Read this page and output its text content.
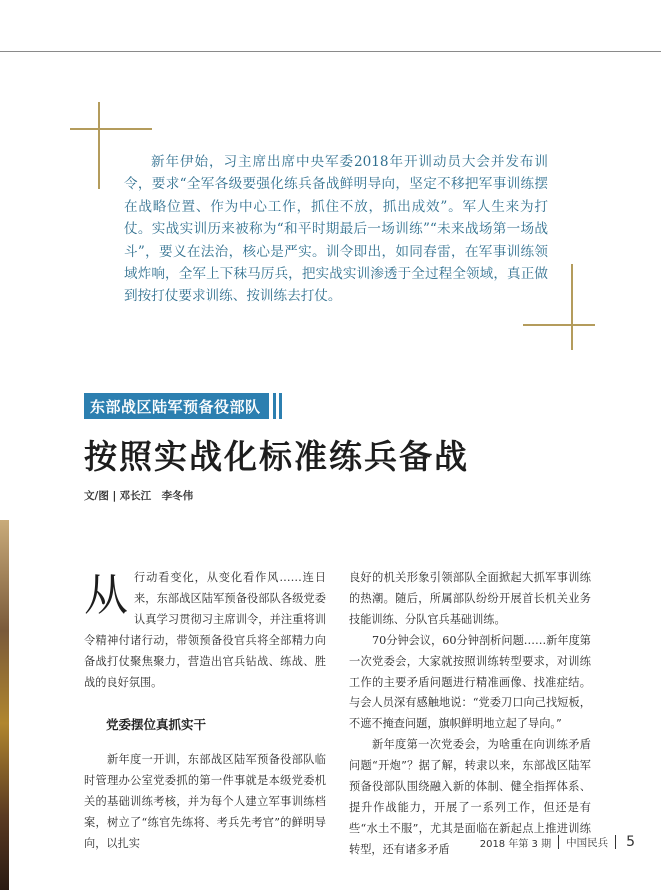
新年伊始，习主席出席中央军委2018年开训动员大会并发布训令，要求“全军各级要强化练兵备战鲜明导向，坚定不移把军事训练摆在战略位置、作为中心工作，抓住不放，抓出成效”。军人生来为打仗。实战实训历来被称为“和平时期最后一场训练”“未来战场第一场战斗”，要义在法治，核心是严实。训令即出，如同春雷，在军事训练领域炸响，全军上下秣马厉兵，把实战实训渗透于全过程全领域，真正做到按打仗要求训练、按训练去打仗。

东部战区陆军预备役部队
按照实战化标准练兵备战
文/图 | 邓长江　李冬伟

从行动看变化，从变化看作风……连日来，东部战区陆军预备役部队各级党委认真学习贯彻习主席训令，并注重将训令精神付诸行动，带领预备役官兵将全部精力向备战打仗聚焦聚力，营造出官兵钻战、练战、胜战的良好氛围。

党委摆位真抓实干

新年度一开训，东部战区陆军预备役部队临时管理办公室党委抓的第一件事就是本级党委机关的基础训练考核，并为每个人建立军事训练档案，树立了“练官先练将、考兵先考官”的鲜明导向，以扎实

良好的机关形象引领部队全面掀起大抓军事训练的热潮。随后，所属部队纷纷开展首长机关业务技能训练、分队官兵基础训练。

70分钟会议，60分钟剖析问题……新年度第一次党委会，大家就按照训练转型要求，对训练工作的主要矛盾问题进行精准画像、找准症结。与会人员深有感触地说：“党委刀口向己找短板，不遮不掩查问题，旗帜鲜明地立起了导向。”

新年度第一次党委会，为啥重在向训练矛盾问题“开炮”？据了解，转隶以来，东部战区陆军预备役部队围绕融入新的体制、健全指挥体系、提升作战能力，开展了一系列工作，但还是有些“水土不服”，尤其是面临在新起点上推进训练转型，还有诸多矛盾	2018 年第 3 期 中国民兵 5
